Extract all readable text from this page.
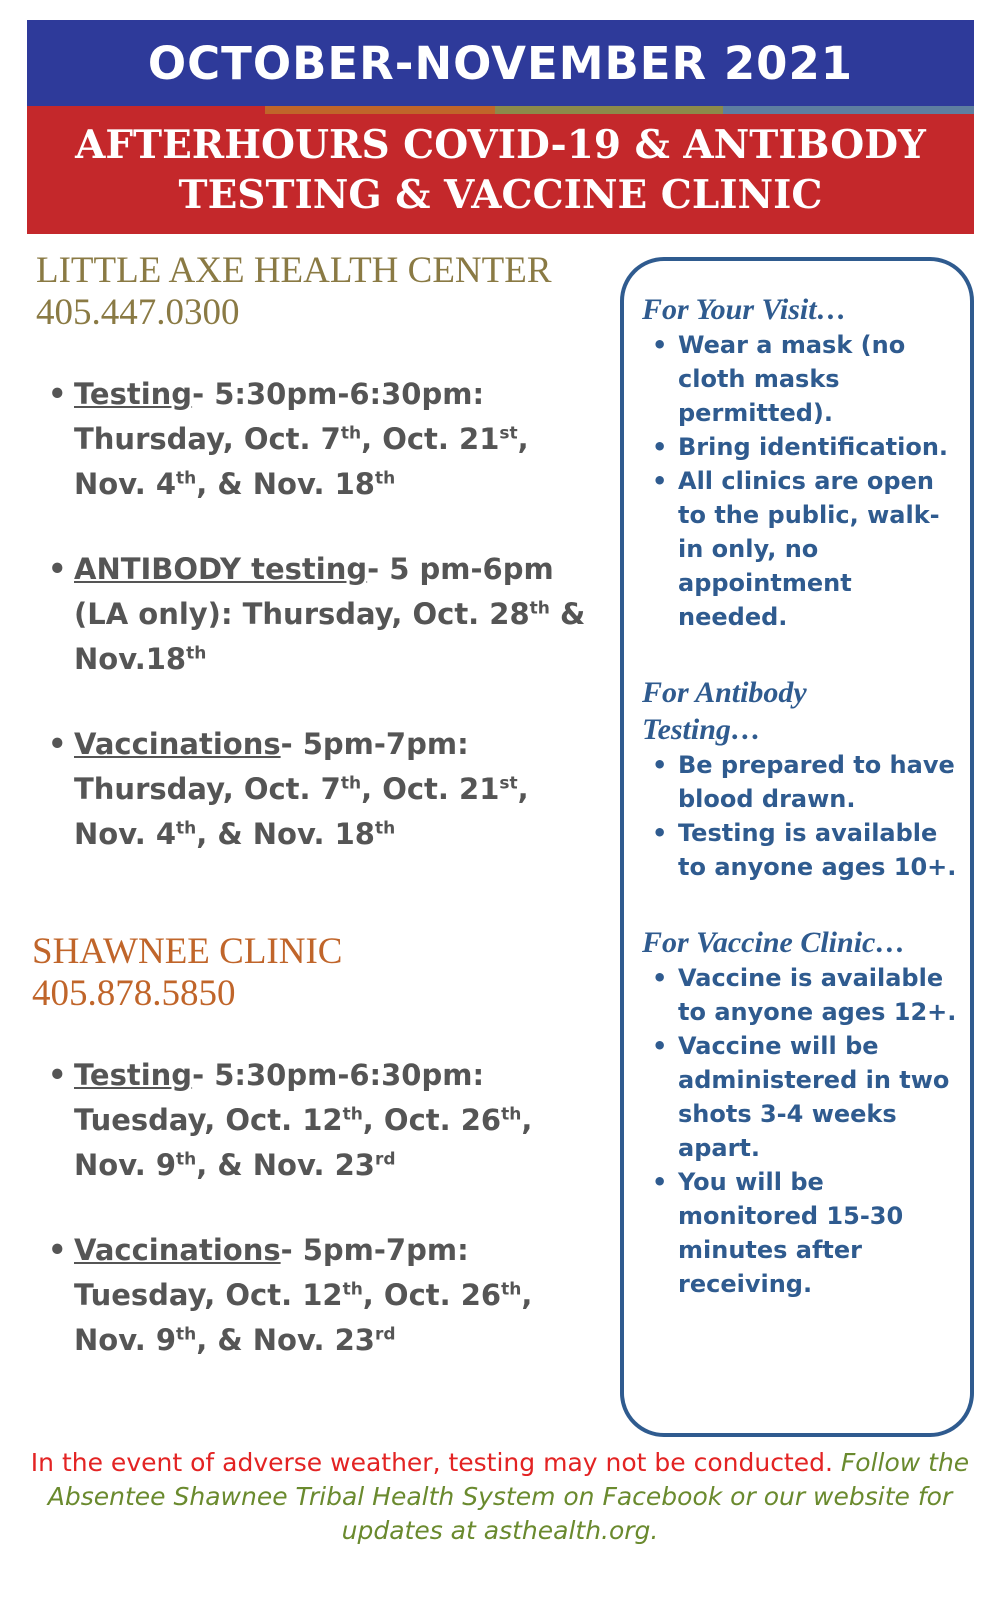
OCTOBER-NOVEMBER 2021
AFTERHOURS COVID-19 & ANTIBODY
TESTING & VACCINE CLINIC

LITTLE AXE HEALTH CENTER

405.447.0300

• Testing- 5:30pm-6:30pm:
Thursday, Oct. 7th, Oct. 21st,
Nov. 4th, & Nov. 18th
• ANTIBODY testing- 5 pm-6pm
(LA only): Thursday, Oct. 28th &
Nov.18th
• Vaccinations- 5pm-7pm:
Thursday, Oct. 7th, Oct. 21st,
Nov. 4th, & Nov. 18th

SHAWNEE CLINIC

405.878.5850

• Testing- 5:30pm-6:30pm:
Tuesday, Oct. 12th, Oct. 26th,
Nov. 9th, & Nov. 23rd
• Vaccinations- 5pm-7pm:
Tuesday, Oct. 12th, Oct. 26th,
Nov. 9th, & Nov. 23rd

For Your Visit…

• Wear a mask (no cloth masks permitted).
• Bring identification.
• All clinics are open to the public, walk-in only, no appointment needed.

For Antibody
Testing…

• Be prepared to have blood drawn.
• Testing is available to anyone ages 10+.

For Vaccine Clinic…

• Vaccine is available to anyone ages 12+.
• Vaccine will be administered in two shots 3-4 weeks apart.
• You will be monitored 15-30 minutes after receiving.
In the event of adverse weather, testing may not be conducted. Follow the Absentee Shawnee Tribal Health System on Facebook or our website for updates at asthealth.org.
